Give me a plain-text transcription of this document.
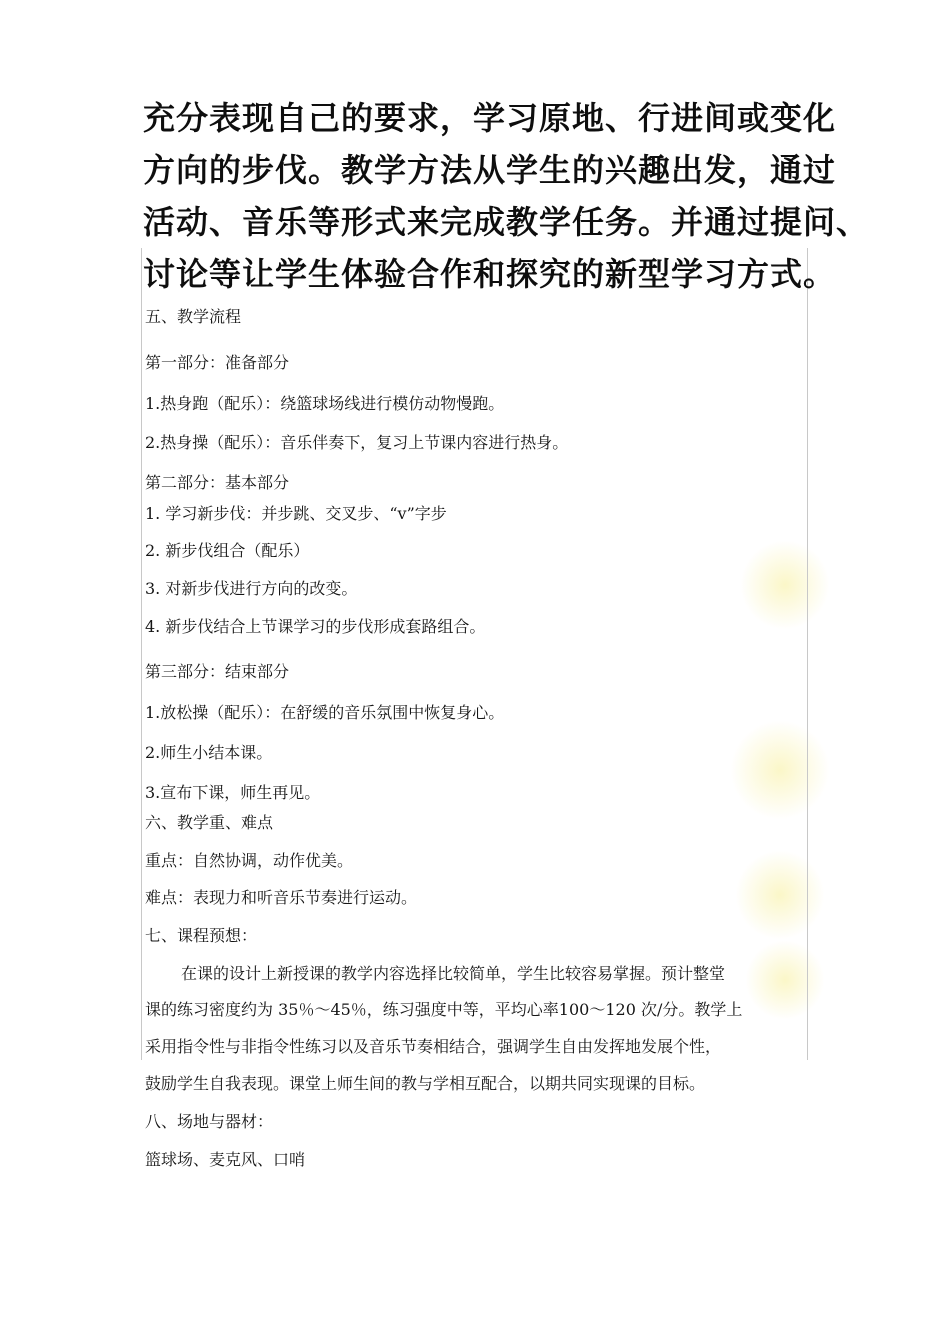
充分表现自己的要求，学习原地、行进间或变化
方向的步伐。教学方法从学生的兴趣出发，通过
活动、音乐等形式来完成教学任务。并通过提问、
讨论等让学生体验合作和探究的新型学习方式。
五、教学流程
第一部分：准备部分
1.热身跑（配乐）：绕篮球场线进行模仿动物慢跑。
2.热身操（配乐）：音乐伴奏下，复习上节课内容进行热身。
第二部分：基本部分
1. 学习新步伐：并步跳、交叉步、“v”字步
2. 新步伐组合（配乐）
3. 对新步伐进行方向的改变。
4. 新步伐结合上节课学习的步伐形成套路组合。
第三部分：结束部分
1.放松操（配乐）：在舒缓的音乐氛围中恢复身心。
2.师生小结本课。
3.宣布下课，师生再见。
六、教学重、难点
重点：自然协调，动作优美。
难点：表现力和听音乐节奏进行运动。
七、课程预想：
在课的设计上新授课的教学内容选择比较简单，学生比较容易掌握。预计整堂
课的练习密度约为 35％～45％，练习强度中等，平均心率100～120 次/分。教学上
采用指令性与非指令性练习以及音乐节奏相结合，强调学生自由发挥地发展个性，
鼓励学生自我表现。课堂上师生间的教与学相互配合，以期共同实现课的目标。
八、场地与器材：
篮球场、麦克风、口哨
